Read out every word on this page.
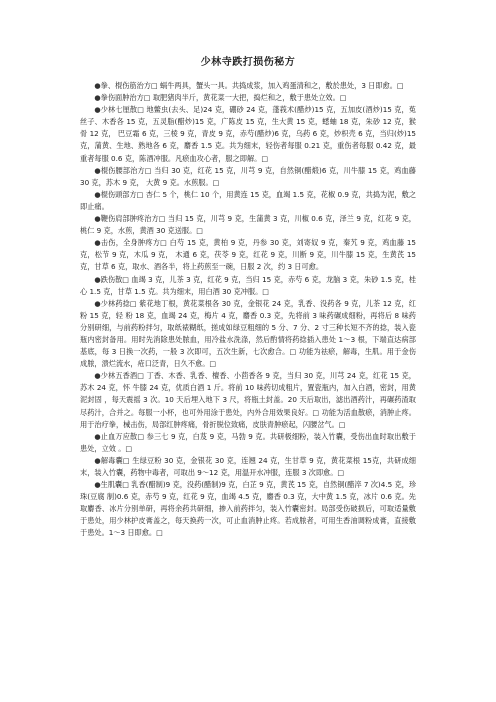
少林寺跌打损伤秘方

●拳、棍伤筋治方□ 蜗牛两具，蟹头一具。共捣成浆，加入鸡蛋清和之，敷於患处，3 日即愈。□

●拳伤面肿治方□ 取肥猪肉半斤，黄花菜一大把，捣烂和之，敷于患处立效。□

●少林七厘散□ 地鳖虫(去头、足)24 克，硼砂 24 克，蓬莪术(醋炒)15 克，五加皮(酒炒)15 克，菟丝子、木香各 15 克，五灵脂(醋炒)15 克，广陈皮 15 克，生大黄 15 克，蟋蚰 18 克，朱砂 12 克，猴骨 12 克， 巴豆霜 6 克，三棱 9 克，青皮 9 克，赤芍(醋炒)6 克，乌药 6 克，炒枳壳 6 克，当归(炒)15 克，蒲黄、生地、熟地各 6 克，麝香 1.5 克。共为细末，轻伤者每服 0.21 克，重伤者每服 0.42 克，最 重者每服 0.6 克，陈酒冲服。凡瘀血攻心者，服之即解。□

●棍伤腰部治方□ 当归 30 克，红花 15 克，川芎 9 克，自然铜(醋煅)6 克，川牛膝 15 克，鸡血藤 30 克，苏木 9 克， 大黄 9 克。水煎服。□

●棍伤頭部方□ 杏仁 5 个，桃仁 10 个，用黄连 15 克，血竭 1.5 克，花椒 0.9 克，共捣为泥，敷之即止痛。

●鞭伤肩部肿疼治方□ 当归 15 克，川芎 9 克，生蒲黄 3 克，川椒 0.6 克，泽兰 9 克，红花 9 克，桃仁 9 克，水煎，黄酒 30 克送服。□

●击伤，全身肿疼方□ 白芍 15 克，黄柏 9 克，丹参 30 克，刘寄奴 9 克，秦艽 9 克，鸡血藤 15 克，松节 9 克，木瓜 9 克， 木通 6 克，茯苓 9 克，红花 9 克，川断 9 克，川牛膝 15 克，生黄芪 15 克，甘草 6 克，取水、酒各半，将上药煎至一碗，日服 2 次，约 3 日可愈。

●跌伤散□ 血竭 3 克，儿茶 3 克，红花 9 克，当归 15 克，赤芍 6 克，龙脑 3 克，朱砂 1.5 克，桂心 1.5 克，甘草 1.5 克。共为细末，用白酒 30 克冲服。□

●少林药捻□ 紫花地丁根，黄花菜根各 30 克，金银花 24 克，乳香、没药各 9 克，儿茶 12 克，红粉 15 克，轻 粉 18 克，血竭 24 克，梅片 4 克，麝香 0.3 克，先将前 3 味药碾成细粉，再将后 8 味药分别研细，与前药粉拌匀，取纸裱糊纸，搓成如绿豆粗细的 5 分、7 分、2 寸三种长短不齐的捻，装入瓷 瓶内密封备用。用时先消除患处脓血，用冷盐水洗涤，然后酌情将药捻插入患处 1～3 根，下端直达病部基底，每 3 日换一次药，一般 3 次即可，五次生新，七次愈合。□ 功能为祛瘀，解毒，生肌。用于金伤成脓，溃烂流水，疮口泛青，日久不愈。□

●少林五香酒□ 丁香、木香、乳香、檀香、小茴香各 9 克，当归 30 克，川芎 24 克，红花 15 克，苏木 24 克，怀 牛膝 24 克，优质白酒 1 斤。将前 10 味药切成粗片，置瓷瓶内，加入白酒，密封，用黄泥封固 ，每天震摇 3 次。10 天后埋入地下 3 尺，将瓶土封盖。20 天后取出，滤出酒药汁，再碾药渣取尽药汁，合并之。每服一小杯，也可外用涂于患处，内外合用效果良好。□ 功能为活血散瘀，消肿止疼。用于治疗拳，械击伤，局部红肿疼痛，骨折脱位致痛，皮肤青肿瘀起，闪腰岔气。□

●止血万应散□ 参三七 9 克，白芨 9 克，马勃 9 克。共研极细粉，装入竹囊，受伤出血时取出敷于患处，立效 。□

●解毒囊□ 生绿豆粉 30 克，金银花 30 克，连翘 24 克，生甘草 9 克，黄花菜根 15克，共研成细末，装入竹囊，药物中毒者，可取出 9～12 克，用温开水冲服，连服 3 次即愈。□

●生肌囊□ 乳香(醋制)9 克，没药(醋制)9 克，白芷 9 克，黄芪 15 克，自然铜(醋淬 7 次)4.5 克，珍珠(豆腐 制)0.6 克，赤芍 9 克，红花 9 克，血竭 4.5 克，麝香 0.3 克，大中黄 1.5 克，冰片 0.6 克。先取麝香、冰片分别单研，再将余药共研细，掺入前药拌匀，装入竹囊密封。局部受伤破损后，可取适量敷于患处，用少林护皮膏盖之，每天换药一次，可止血消肿止疼。若成脓者，可用生香油调粉成膏，直接敷于患处。1～3 日即愈。□
